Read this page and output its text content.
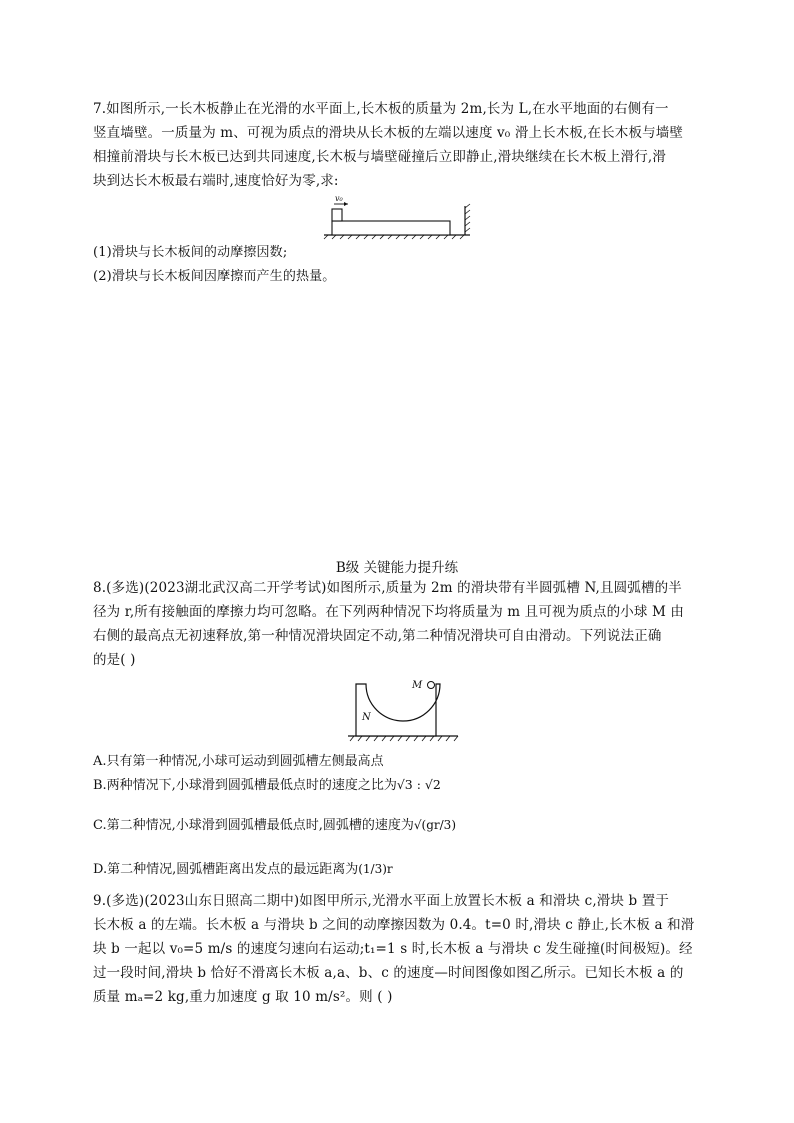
7.如图所示,一长木板静止在光滑的水平面上,长木板的质量为 2m,长为 L,在水平地面的右侧有一
竖直墙壁。一质量为 m、可视为质点的滑块从长木板的左端以速度 v₀ 滑上长木板,在长木板与墙壁
相撞前滑块与长木板已达到共同速度,长木板与墙壁碰撞后立即静止,滑块继续在长木板上滑行,滑
块到达长木板最右端时,速度恰好为零,求:
v₀
(1)滑块与长木板间的动摩擦因数;
(2)滑块与长木板间因摩擦而产生的热量。
B级 关键能力提升练
8.(多选)(2023湖北武汉高二开学考试)如图所示,质量为 2m 的滑块带有半圆弧槽 N,且圆弧槽的半
径为 r,所有接触面的摩擦力均可忽略。在下列两种情况下均将质量为 m 且可视为质点的小球 M 由
右侧的最高点无初速释放,第一种情况滑块固定不动,第二种情况滑块可自由滑动。下列说法正确
的是( )
M
N
A.只有第一种情况,小球可运动到圆弧槽左侧最高点
B.两种情况下,小球滑到圆弧槽最低点时的速度之比为√3 : √2
C.第二种情况,小球滑到圆弧槽最低点时,圆弧槽的速度为√(gr/3)
D.第二种情况,圆弧槽距离出发点的最远距离为(1/3)r
9.(多选)(2023山东日照高二期中)如图甲所示,光滑水平面上放置长木板 a 和滑块 c,滑块 b 置于
长木板 a 的左端。长木板 a 与滑块 b 之间的动摩擦因数为 0.4。t=0 时,滑块 c 静止,长木板 a 和滑
块 b 一起以 v₀=5 m/s 的速度匀速向右运动;t₁=1 s 时,长木板 a 与滑块 c 发生碰撞(时间极短)。经
过一段时间,滑块 b 恰好不滑离长木板 a,a、b、c 的速度—时间图像如图乙所示。已知长木板 a 的
质量 mₐ=2 kg,重力加速度 g 取 10 m/s²。则 ( )
